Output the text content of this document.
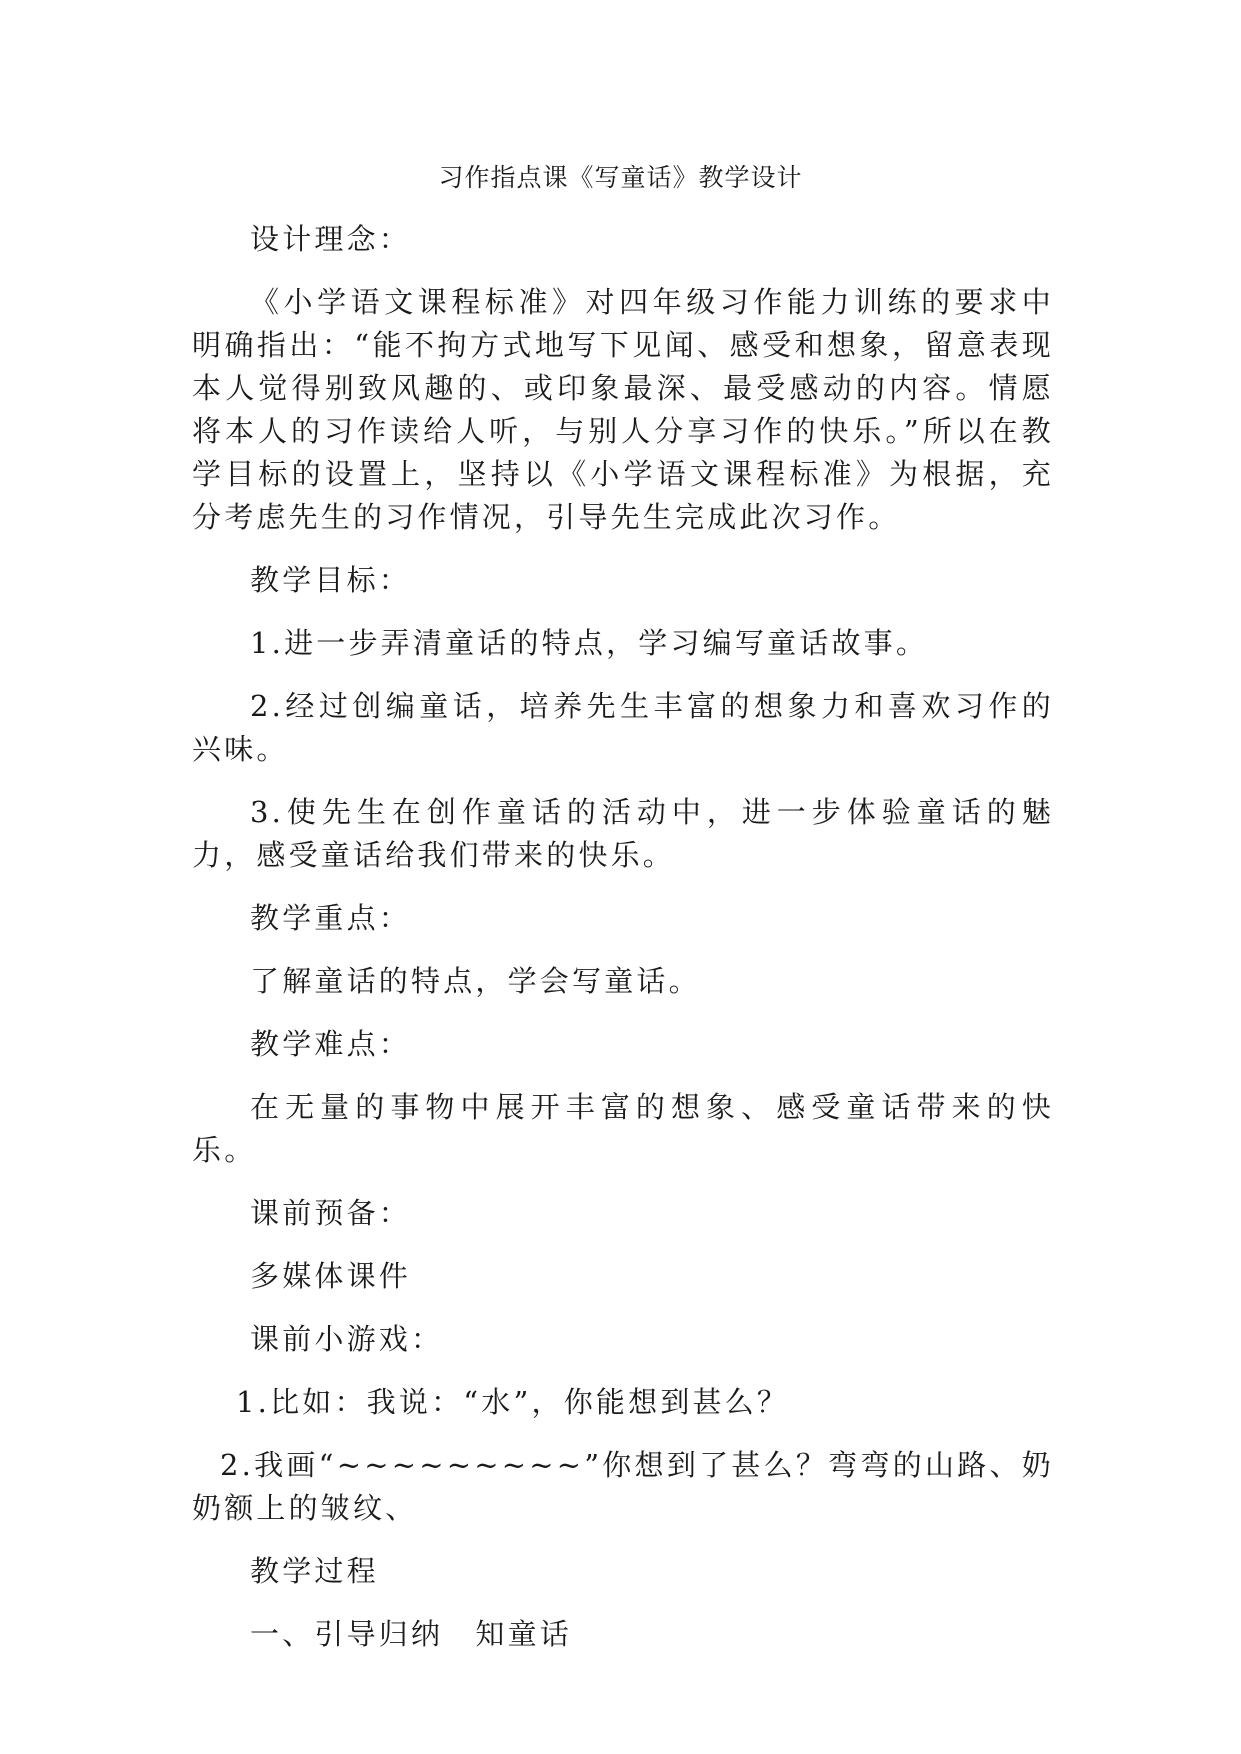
习作指点课《写童话》教学设计

设计理念：

《小学语文课程标准》对四年级习作能力训练的要求中明确指出：“能不拘方式地写下见闻、感受和想象，留意表现本人觉得别致风趣的、或印象最深、最受感动的内容。情愿将本人的习作读给人听，与别人分享习作的快乐。”所以在教学目标的设置上，坚持以《小学语文课程标准》为根据，充分考虑先生的习作情况，引导先生完成此次习作。

教学目标：

1.进一步弄清童话的特点，学习编写童话故事。

2.经过创编童话，培养先生丰富的想象力和喜欢习作的兴味。

3.使先生在创作童话的活动中，进一步体验童话的魅力，感受童话给我们带来的快乐。

教学重点：

了解童话的特点，学会写童话。

教学难点：

在无量的事物中展开丰富的想象、感受童话带来的快乐。

课前预备：

多媒体课件

课前小游戏：

1.比如：我说：“水”，你能想到甚么？

2.我画“~~~~~~~~~”你想到了甚么？弯弯的山路、奶奶额上的皱纹、

教学过程

一、引导归纳　知童话
